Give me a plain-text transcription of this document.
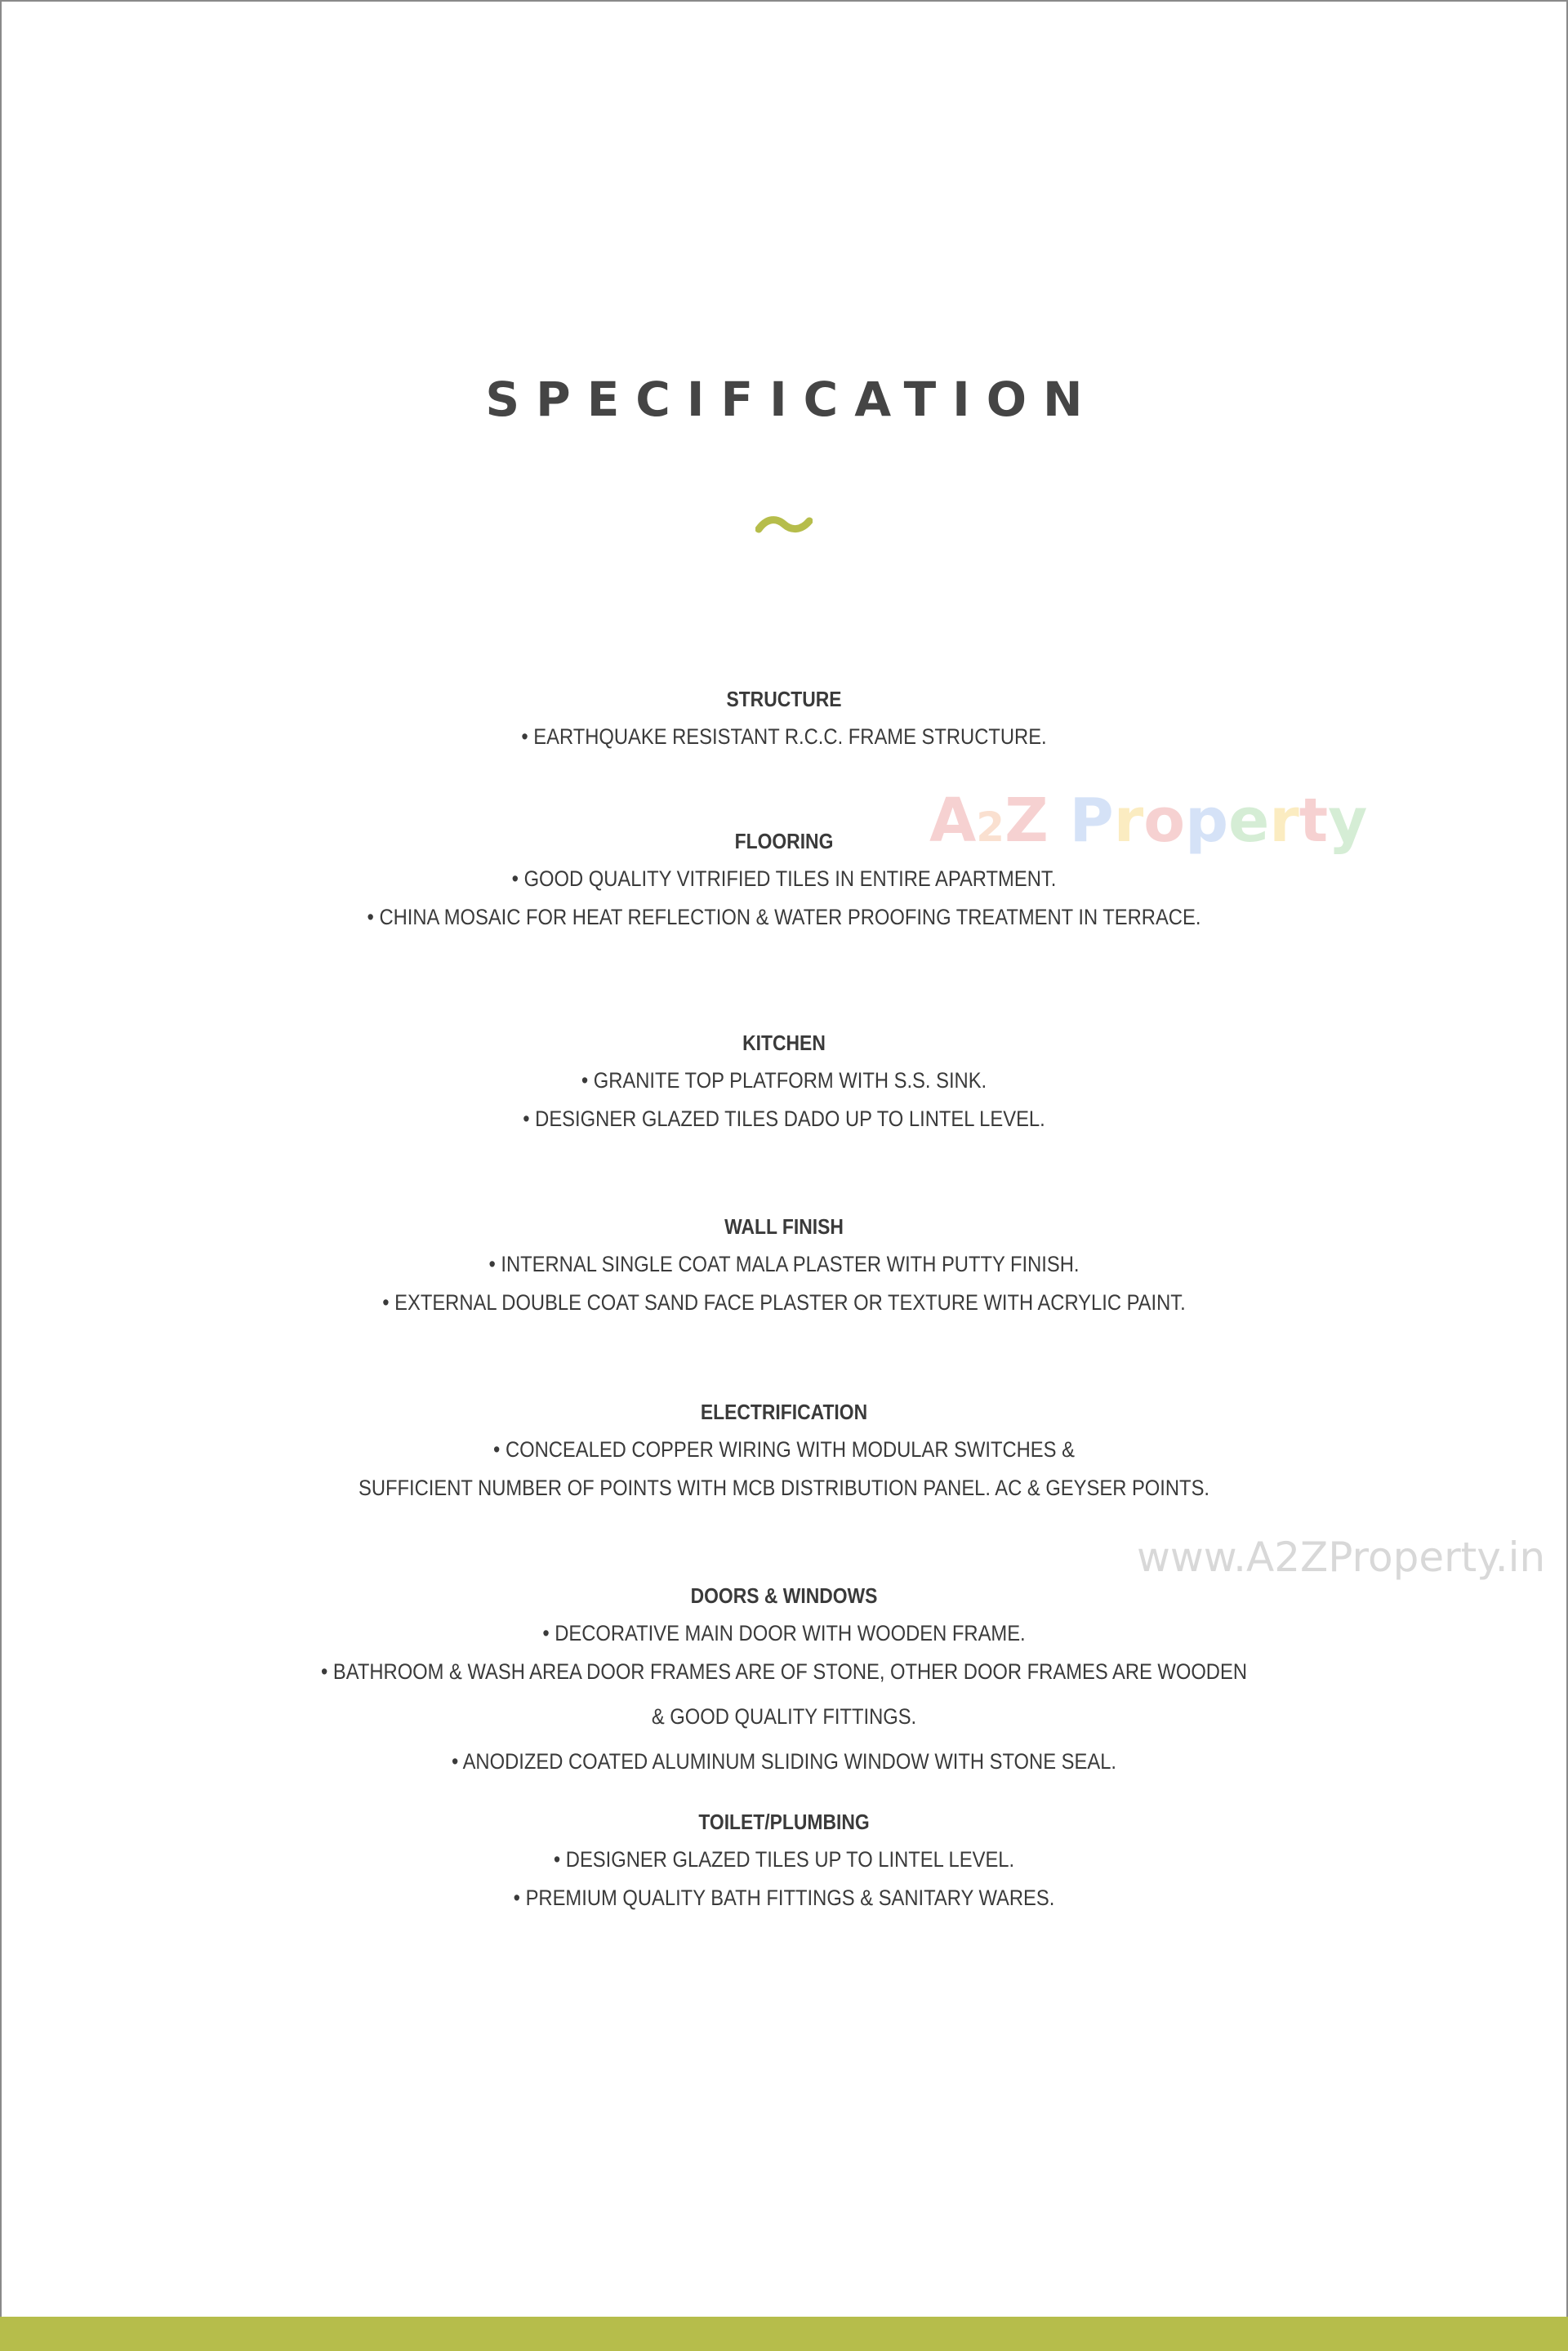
SPECIFICATION
A2Z Property
www.A2ZProperty.in
STRUCTURE
• EARTHQUAKE RESISTANT R.C.C. FRAME STRUCTURE.
FLOORING
• GOOD QUALITY VITRIFIED TILES IN ENTIRE APARTMENT.
• CHINA MOSAIC FOR HEAT REFLECTION & WATER PROOFING TREATMENT IN TERRACE.
KITCHEN
• GRANITE TOP PLATFORM WITH S.S. SINK.
• DESIGNER GLAZED TILES DADO UP TO LINTEL LEVEL.
WALL FINISH
• INTERNAL SINGLE COAT MALA PLASTER WITH PUTTY FINISH.
• EXTERNAL DOUBLE COAT SAND FACE PLASTER OR TEXTURE WITH ACRYLIC PAINT.
ELECTRIFICATION
• CONCEALED COPPER WIRING WITH MODULAR SWITCHES &
SUFFICIENT NUMBER OF POINTS WITH MCB DISTRIBUTION PANEL. AC & GEYSER POINTS.
DOORS & WINDOWS
• DECORATIVE MAIN DOOR WITH WOODEN FRAME.
• BATHROOM & WASH AREA DOOR FRAMES ARE OF STONE, OTHER DOOR FRAMES ARE WOODEN
& GOOD QUALITY FITTINGS.
• ANODIZED COATED ALUMINUM SLIDING WINDOW WITH STONE SEAL.
TOILET/PLUMBING
• DESIGNER GLAZED TILES UP TO LINTEL LEVEL.
• PREMIUM QUALITY BATH FITTINGS & SANITARY WARES.
